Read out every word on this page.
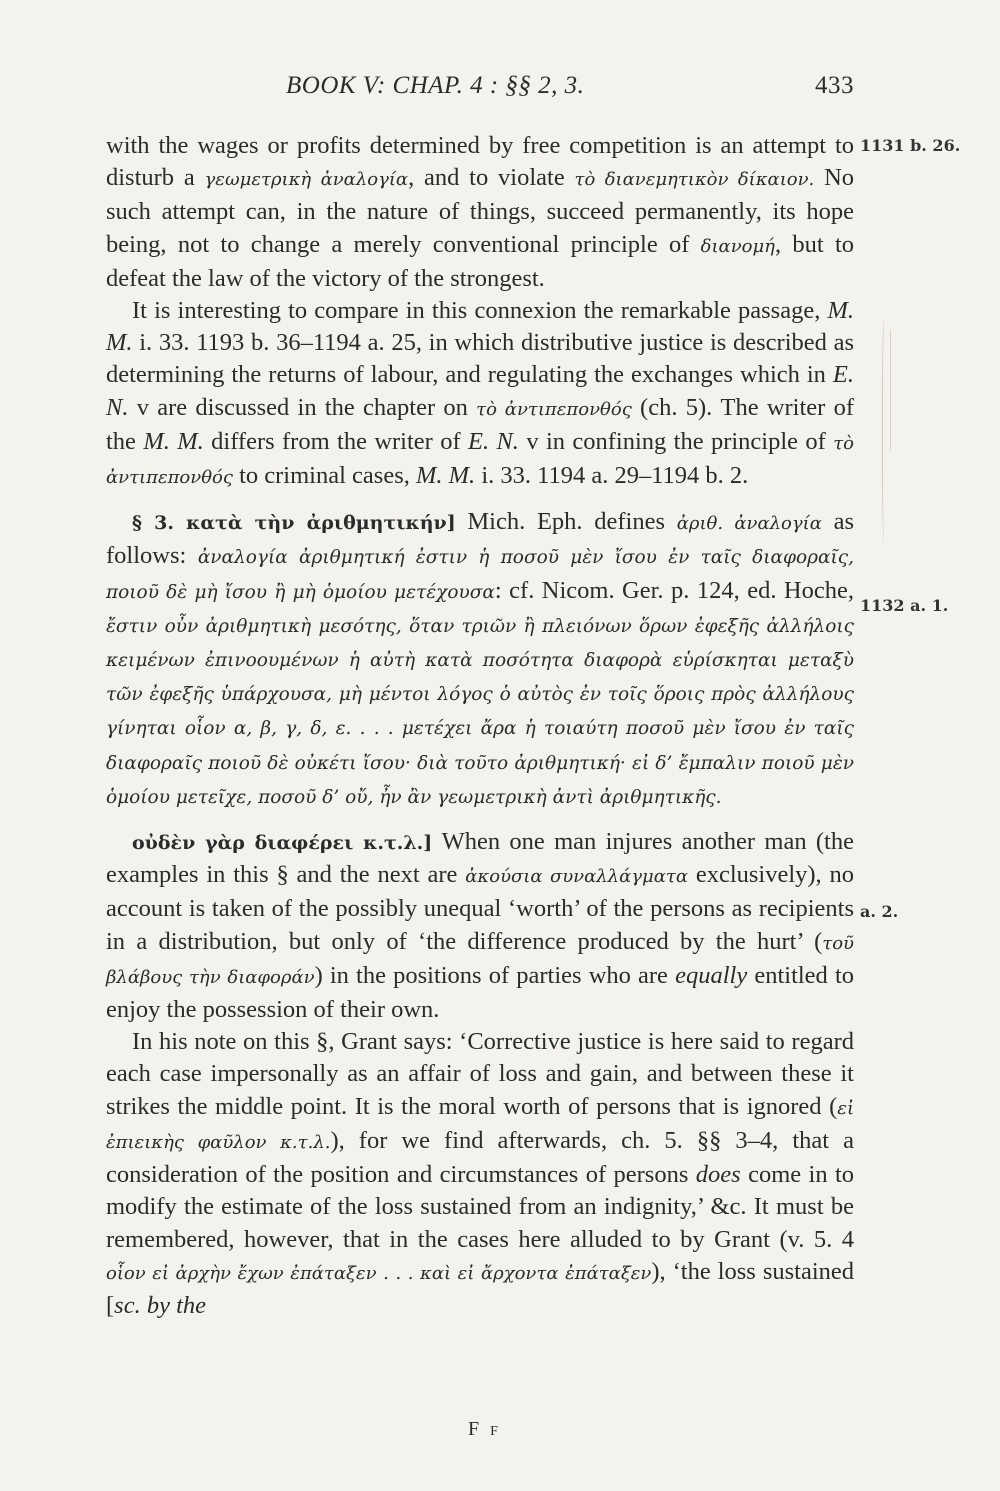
BOOK V: CHAP. 4 : §§ 2, 3.	433
1131 b. 26.
1132 a. 1.
a. 2.

with the wages or profits determined by free competition is an attempt to disturb a γεωμετρικὴ ἀναλογία, and to violate τὸ διανεμητικὸν δίκαιον. No such attempt can, in the nature of things, succeed permanently, its hope being, not to change a merely conventional principle of διανομή, but to defeat the law of the victory of the strongest.

It is interesting to compare in this connexion the remarkable passage, M. M. i. 33. 1193 b. 36–1194 a. 25, in which distributive justice is described as determining the returns of labour, and regulating the exchanges which in E. N. v are discussed in the chapter on τὸ ἀντιπεπονθός (ch. 5). The writer of the M. M. differs from the writer of E. N. v in confining the principle of τὸ ἀντιπεπονθός to criminal cases, M. M. i. 33. 1194 a. 29–1194 b. 2.

§ 3. κατὰ τὴν ἀριθμητικήν] Mich. Eph. defines ἀριθ. ἀναλογία as follows: ἀναλογία ἀριθμητική ἐστιν ἡ ποσοῦ μὲν ἴσου ἐν ταῖς διαφοραῖς, ποιοῦ δὲ μὴ ἴσου ἢ μὴ ὁμοίου μετέχουσα: cf. Nicom. Ger. p. 124, ed. Hoche, ἔστιν οὖν ἀριθμητικὴ μεσότης, ὅταν τριῶν ἢ πλειόνων ὅρων ἐφεξῆς ἀλλήλοις κειμένων ἐπινοουμένων ἡ αὐτὴ κατὰ ποσότητα διαφορὰ εὑρίσκηται μεταξὺ τῶν ἐφεξῆς ὑπάρχουσα, μὴ μέντοι λόγος ὁ αὐτὸς ἐν τοῖς ὅροις πρὸς ἀλλήλους γίνηται οἷον α, β, γ, δ, ε. . . . μετέχει ἄρα ἡ τοιαύτη ποσοῦ μὲν ἴσου ἐν ταῖς διαφοραῖς ποιοῦ δὲ οὐκέτι ἴσου· διὰ τοῦτο ἀριθμητική· εἰ δ’ ἔμπαλιν ποιοῦ μὲν ὁμοίου μετεῖχε, ποσοῦ δ’ οὔ, ἦν ἂν γεωμετρικὴ ἀντὶ ἀριθμητικῆς.

οὐδὲν γὰρ διαφέρει κ.τ.λ.] When one man injures another man (the examples in this § and the next are ἀκούσια συναλλάγματα exclusively), no account is taken of the possibly unequal ‘worth’ of the persons as recipients in a distribution, but only of ‘the difference produced by the hurt’ (τοῦ βλάβους τὴν διαφοράν) in the positions of parties who are equally entitled to enjoy the possession of their own.

In his note on this §, Grant says: ‘Corrective justice is here said to regard each case impersonally as an affair of loss and gain, and between these it strikes the middle point. It is the moral worth of persons that is ignored (εἰ ἐπιεικὴς φαῦλον κ.τ.λ.), for we find afterwards, ch. 5. §§ 3–4, that a consideration of the position and circumstances of persons does come in to modify the estimate of the loss sustained from an indignity,’ &c. It must be remembered, however, that in the cases here alluded to by Grant (v. 5. 4 οἷον εἰ ἀρχὴν ἔχων ἐπάταξεν . . . καὶ εἰ ἄρχοντα ἐπάταξεν), ‘the loss sustained [sc. by the

F f
